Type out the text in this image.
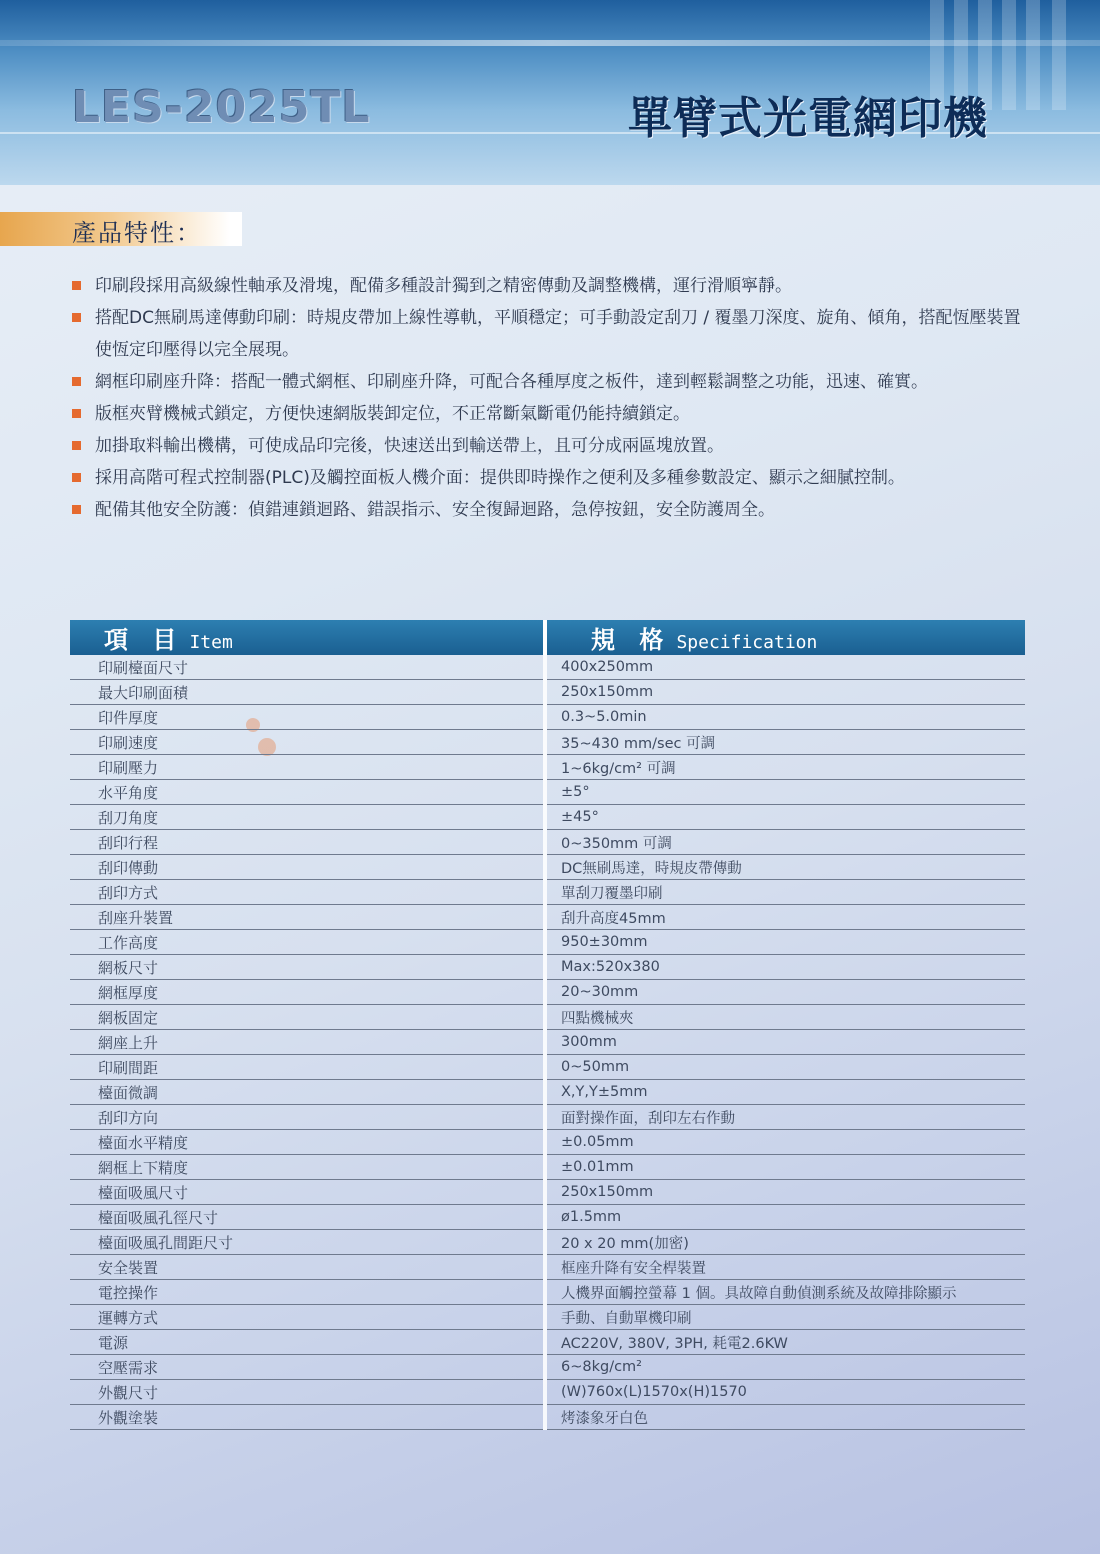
LES-2025TL	單臂式光電網印機
產品特性：
印刷段採用高級線性軸承及滑塊，配備多種設計獨到之精密傳動及調整機構，運行滑順寧靜。
搭配DC無刷馬達傳動印刷：時規皮帶加上線性導軌，平順穩定；可手動設定刮刀 / 覆墨刀深度、旋角、傾角，搭配恆壓裝置使恆定印壓得以完全展現。
網框印刷座升降：搭配一體式網框、印刷座升降，可配合各種厚度之板件，達到輕鬆調整之功能，迅速、確實。
版框夾臂機械式鎖定，方便快速網版裝卸定位，不正常斷氣斷電仍能持續鎖定。
加掛取料輸出機構，可使成品印完後，快速送出到輸送帶上，且可分成兩區塊放置。
採用高階可程式控制器(PLC)及觸控面板人機介面：提供即時操作之便利及多種參數設定、顯示之細膩控制。
配備其他安全防護：偵錯連鎖迴路、錯誤指示、安全復歸迴路，急停按鈕，安全防護周全。
項 目 Item	規 格 Specification
印刷檯面尺寸	400x250mm
最大印刷面積	250x150mm
印件厚度	0.3~5.0min
印刷速度	35~430 mm/sec 可調
印刷壓力	1~6kg/cm² 可調
水平角度	±5°
刮刀角度	±45°
刮印行程	0~350mm 可調
刮印傳動	DC無刷馬達，時規皮帶傳動
刮印方式	單刮刀覆墨印刷
刮座升裝置	刮升高度45mm
工作高度	950±30mm
網板尺寸	Max:520x380
網框厚度	20~30mm
網板固定	四點機械夾
網座上升	300mm
印刷間距	0~50mm
檯面微調	X,Y,Y±5mm
刮印方向	面對操作面，刮印左右作動
檯面水平精度	±0.05mm
網框上下精度	±0.01mm
檯面吸風尺寸	250x150mm
檯面吸風孔徑尺寸	ø1.5mm
檯面吸風孔間距尺寸	20 x 20 mm(加密)
安全裝置	框座升降有安全桿裝置
電控操作	人機界面觸控螢幕 1 個。具故障自動偵測系統及故障排除顯示
運轉方式	手動、自動單機印刷
電源	AC220V, 380V, 3PH, 耗電2.6KW
空壓需求	6~8kg/cm²
外觀尺寸	(W)760x(L)1570x(H)1570
外觀塗裝	烤漆象牙白色
